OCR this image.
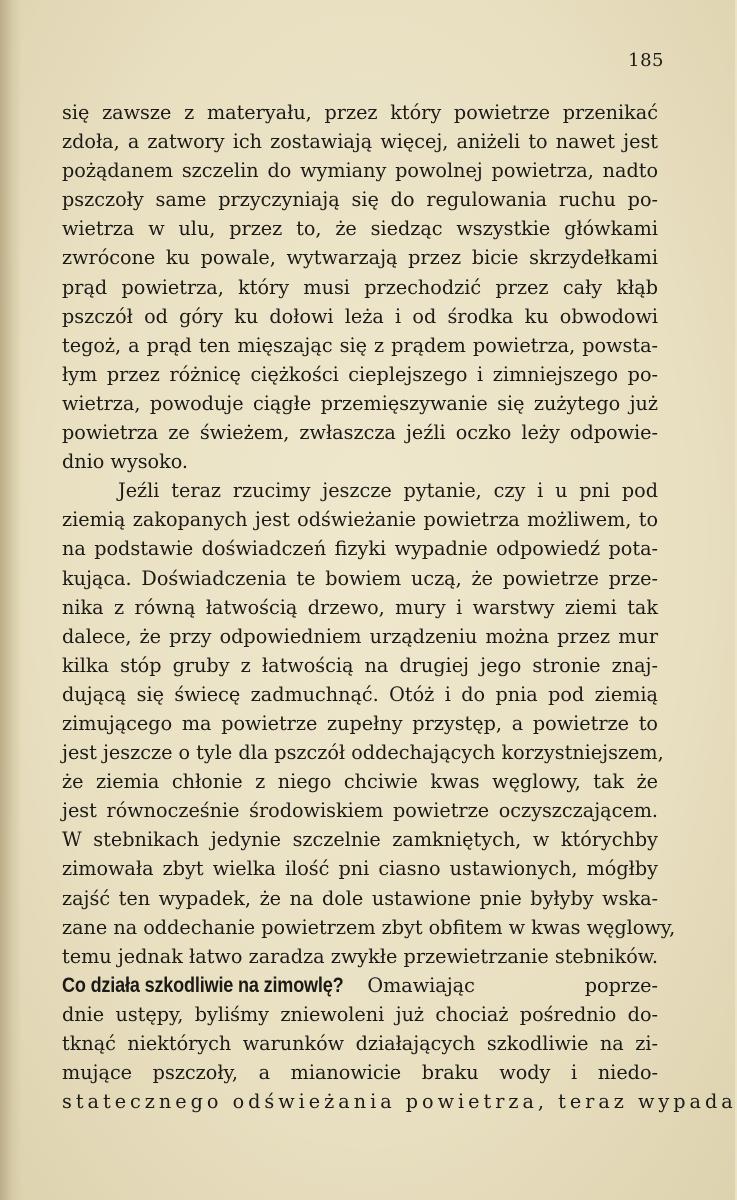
185
się zawsze z materyału, przez który powietrze przenikać
zdoła, a zatwory ich zostawiają więcej, aniżeli to nawet jest
pożądanem szczelin do wymiany powolnej powietrza, nadto
pszczoły same przyczyniają się do regulowania ruchu po-
wietrza w ulu, przez to, że siedząc wszystkie główkami
zwrócone ku powale, wytwarzają przez bicie skrzydełkami
prąd powietrza, który musi przechodzić przez cały kłąb
pszczół od góry ku dołowi leża i od środka ku obwodowi
tegoż, a prąd ten mięszając się z prądem powietrza, powsta-
łym przez różnicę ciężkości cieplejszego i zimniejszego po-
wietrza, powoduje ciągłe przemięszywanie się zużytego już
powietrza ze świeżem, zwłaszcza jeźli oczko leży odpowie-
dnio wysoko.
Jeźli teraz rzucimy jeszcze pytanie, czy i u pni pod
ziemią zakopanych jest odświeżanie powietrza możliwem, to
na podstawie doświadczeń fizyki wypadnie odpowiedź pota-
kująca. Doświadczenia te bowiem uczą, że powietrze prze-
nika z równą łatwością drzewo, mury i warstwy ziemi tak
dalece, że przy odpowiedniem urządzeniu można przez mur
kilka stóp gruby z łatwością na drugiej jego stronie znaj-
dującą się świecę zadmuchnąć. Otóż i do pnia pod ziemią
zimującego ma powietrze zupełny przystęp, a powietrze to
jest jeszcze o tyle dla pszczół oddechających korzystniejszem,
że ziemia chłonie z niego chciwie kwas węglowy, tak że
jest równocześnie środowiskiem powietrze oczyszczającem.
W stebnikach jedynie szczelnie zamkniętych, w którychby
zimowała zbyt wielka ilość pni ciasno ustawionych, mógłby
zajść ten wypadek, że na dole ustawione pnie byłyby wska-
zane na oddechanie powietrzem zbyt obfitem w kwas węglowy,
temu jednak łatwo zaradza zwykłe przewietrzanie stebników.
Co działa szkodliwie na zimowlę?	Omawiając poprze-
dnie ustępy, byliśmy zniewoleni już chociaż pośrednio do-
tknąć niektórych warunków działających szkodliwie na zi-
mujące pszczoły, a mianowicie braku wody i niedo-
statecznego odświeżania powietrza, teraz wypada
